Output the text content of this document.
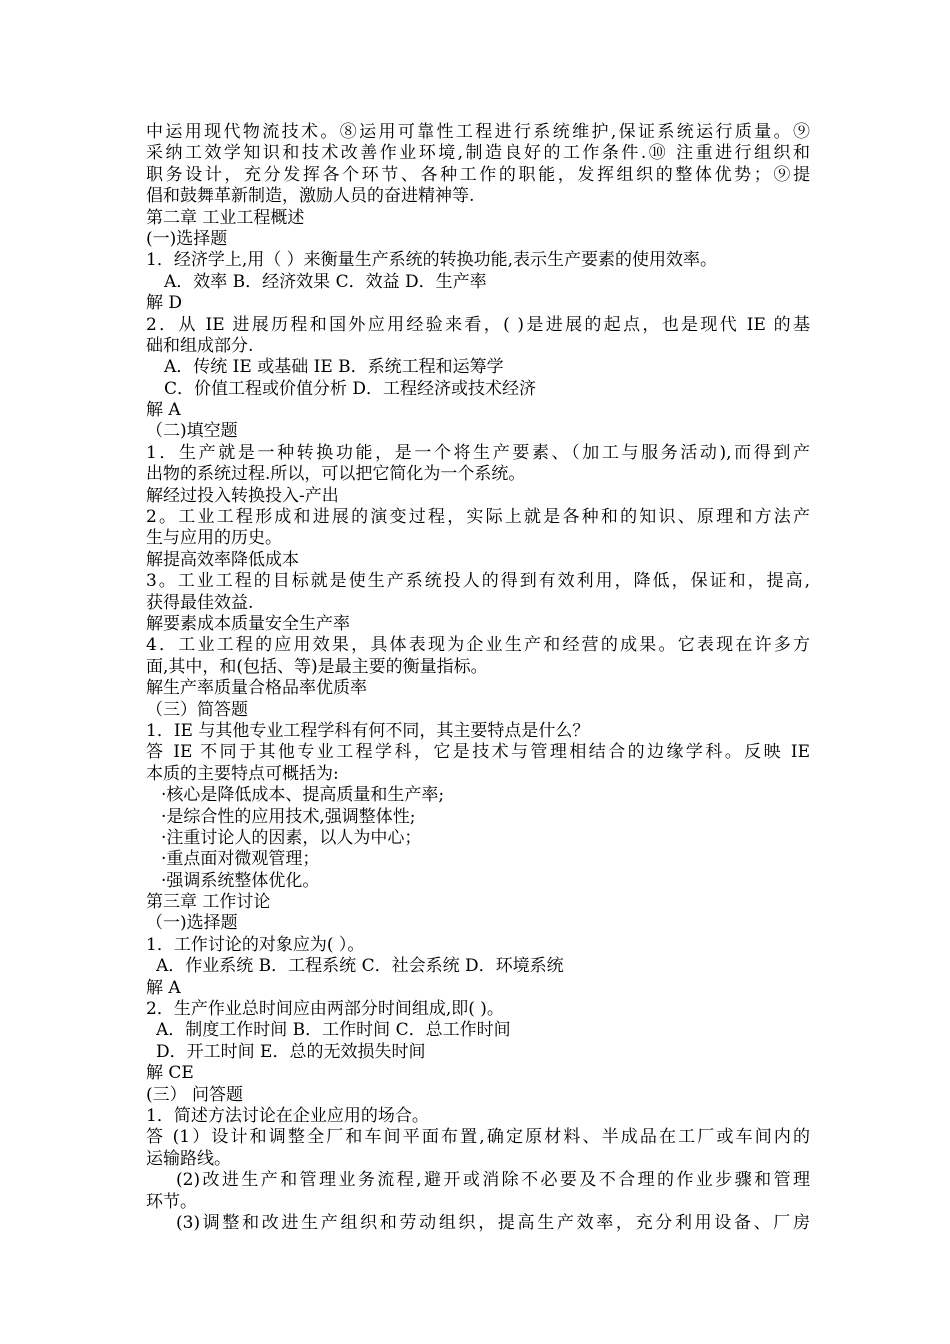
中运用现代物流技术。⑧运用可靠性工程进行系统维护,保证系统运行质量。⑨
采纳工效学知识和技术改善作业环境,制造良好的工作条件.⑩ 注重进行组织和
职务设计，充分发挥各个环节、各种工作的职能，发挥组织的整体优势；⑨提
倡和鼓舞革新制造，激励人员的奋进精神等.
第二章 工业工程概述
(一)选择题
1．经济学上,用（ ）来衡量生产系统的转换功能,表示生产要素的使用效率。
A．效率 B．经济效果 C．效益 D．生产率
解 D
2．从 IE 进展历程和国外应用经验来看，( )是进展的起点，也是现代 IE 的基
础和组成部分.
A．传统 IE 或基础 IE B．系统工程和运筹学
C．价值工程或价值分析 D．工程经济或技术经济
解 A
（二)填空题
1．生产就是一种转换功能，是一个将生产要素、（加工与服务活动),而得到产
出物的系统过程.所以，可以把它简化为一个系统。
解经过投入转换投入-产出
2。工业工程形成和进展的演变过程，实际上就是各种和的知识、原理和方法产
生与应用的历史。
解提高效率降低成本
3。工业工程的目标就是使生产系统投人的得到有效利用，降低，保证和，提高,
获得最佳效益.
解要素成本质量安全生产率
4．工业工程的应用效果，具体表现为企业生产和经营的成果。它表现在许多方
面,其中，和(包括、等)是最主要的衡量指标。
解生产率质量合格品率优质率
（三）简答题
1．IE 与其他专业工程学科有何不同，其主要特点是什么？
答 IE 不同于其他专业工程学科，它是技术与管理相结合的边缘学科。反映 IE
本质的主要特点可概括为:
·核心是降低成本、提高质量和生产率;
·是综合性的应用技术,强调整体性;
·注重讨论人的因素，以人为中心；
·重点面对微观管理；
·强调系统整体优化。
第三章 工作讨论
（一)选择题
1．工作讨论的对象应为( ）。
A．作业系统 B．工程系统 C．社会系统 D．环境系统
解 A
2．生产作业总时间应由两部分时间组成,即( )。
A．制度工作时间 B．工作时间 C．总工作时间
D．开工时间 E．总的无效损失时间
解 CE
(三） 问答题
1．简述方法讨论在企业应用的场合。
答 (1）设计和调整全厂和车间平面布置,确定原材料、半成品在工厂或车间内的
运输路线。
(2)改进生产和管理业务流程,避开或消除不必要及不合理的作业步骤和管理
环节。
(3)调整和改进生产组织和劳动组织，提高生产效率，充分利用设备、厂房
